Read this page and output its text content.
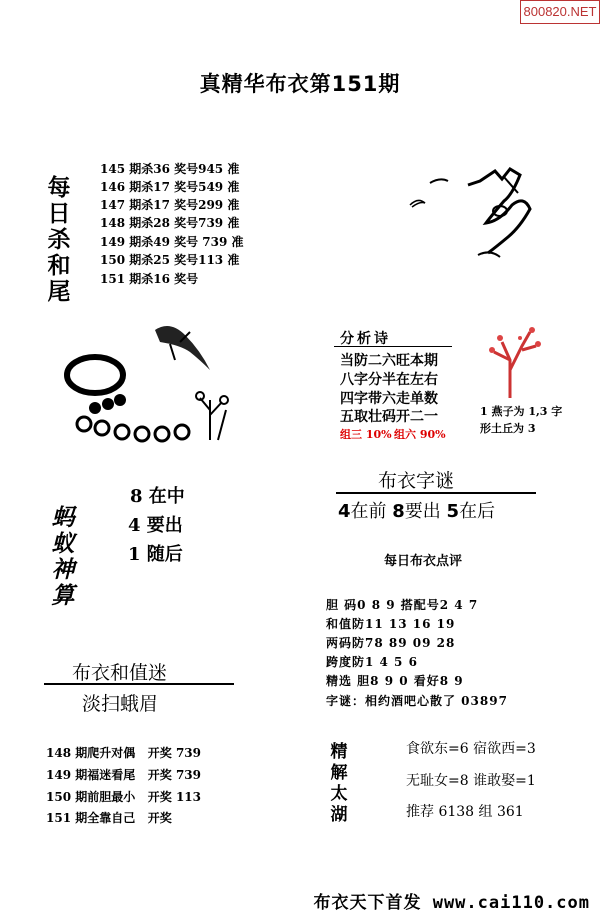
800820.NET
真精华布衣第151期
每
日
杀
和
尾
145 期杀36 奖号945 准
146 期杀17 奖号549 准
147 期杀17 奖号299 准
148 期杀28 奖号739 准
149 期杀49 奖号 739 准
150 期杀25 奖号113 准
151 期杀16 奖号
分析诗
当防二六旺本期
八字分半在左右
四字带六走单数
五取壮码开二一
组三 10% 组六 90%
1 燕子为 1,3 字
形土丘为 3
蚂
蚁
神
算
8 在中
4 要出
1 随后
布衣字谜
4在前 8要出 5在后
每日布衣点评
胆 码0 8 9 搭配号2 4 7
和值防11 13 16 19
两码防78 89 09 28
跨度防1 4 5 6
精选 胆8 9 0 看好8 9
字谜：相约酒吧心散了 03897
布衣和值迷
淡扫蛾眉
148 期爬升对偶 开奖 739
149 期福迷看尾 开奖 739
150 期前胆最小 开奖 113
151 期全靠自己 开奖
精
解
太
湖
食欲东=6 宿欲西=3
无耻女=8 谁敢娶=1
推荐 6138 组 361
布衣天下首发 www.cai110.com
